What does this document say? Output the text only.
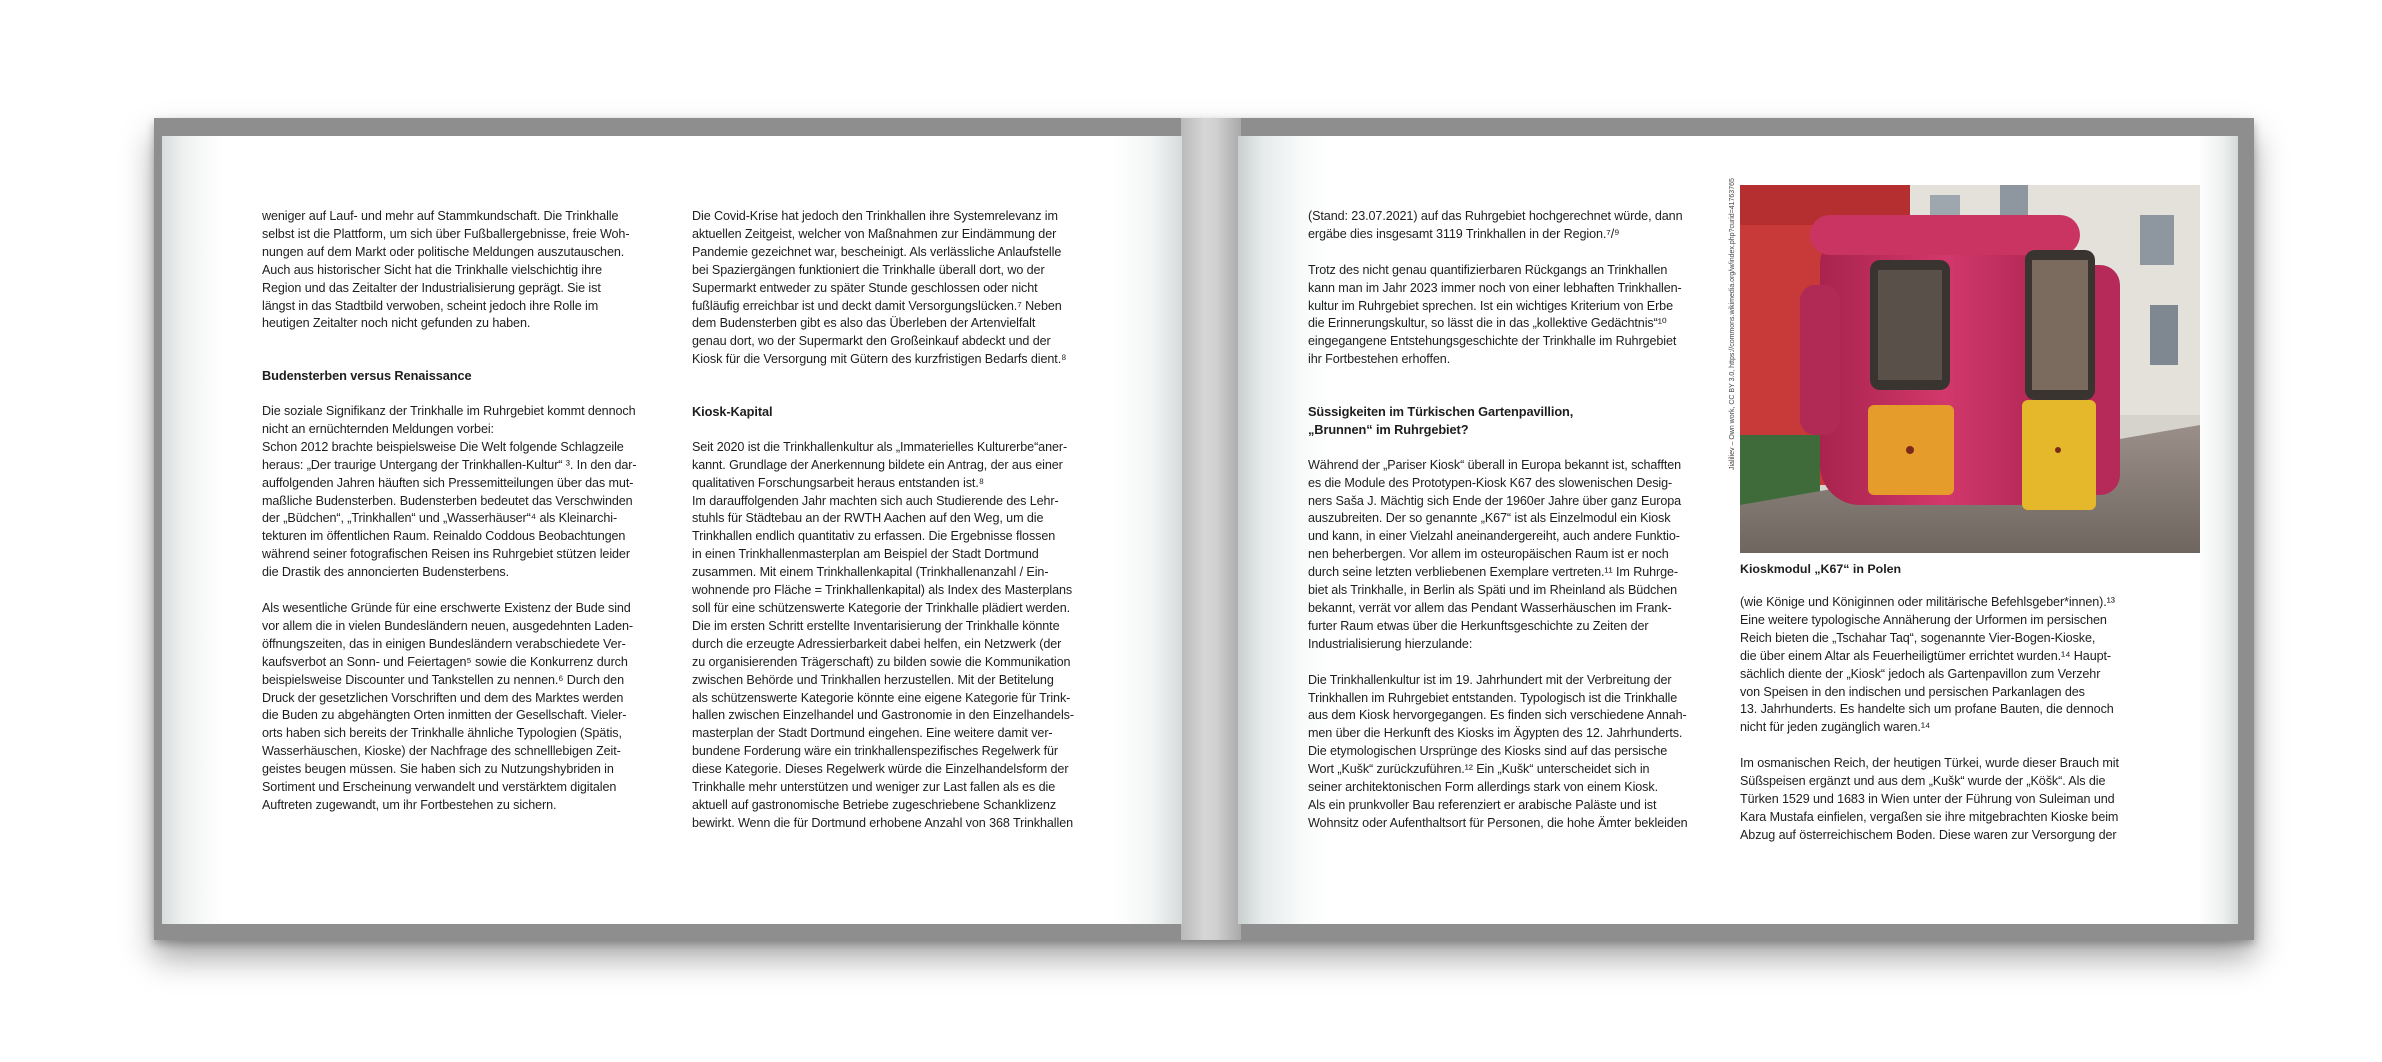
weniger auf Lauf- und mehr auf Stammkundschaft. Die Trinkhalle
selbst ist die Plattform, um sich über Fußballergebnisse, freie Woh-
nungen auf dem Markt oder politische Meldungen auszutauschen.
Auch aus historischer Sicht hat die Trinkhalle vielschichtig ihre
Region und das Zeitalter der Industrialisierung geprägt. Sie ist
längst in das Stadtbild verwoben, scheint jedoch ihre Rolle im
heutigen Zeitalter noch nicht gefunden zu haben.

Budensterben versus Renaissance

Die soziale Signifikanz der Trinkhalle im Ruhrgebiet kommt dennoch
nicht an ernüchternden Meldungen vorbei:
Schon 2012 brachte beispielsweise Die Welt folgende Schlagzeile
heraus: „Der traurige Untergang der Trinkhallen-Kultur“ ³. In den dar-
auffolgenden Jahren häuften sich Pressemitteilungen über das mut-
maßliche Budensterben. Budensterben bedeutet das Verschwinden
der „Büdchen“, „Trinkhallen“ und „Wasserhäuser“⁴ als Kleinarchi-
tekturen im öffentlichen Raum. Reinaldo Coddous Beobachtungen
während seiner fotografischen Reisen ins Ruhrgebiet stützen leider
die Drastik des annoncierten Budensterbens.

Als wesentliche Gründe für eine erschwerte Existenz der Bude sind
vor allem die in vielen Bundesländern neuen, ausgedehnten Laden-
öffnungszeiten, das in einigen Bundesländern verabschiedete Ver-
kaufsverbot an Sonn- und Feiertagen⁵ sowie die Konkurrenz durch
beispielsweise Discounter und Tankstellen zu nennen.⁶ Durch den
Druck der gesetzlichen Vorschriften und dem des Marktes werden
die Buden zu abgehängten Orten inmitten der Gesellschaft. Vieler-
orts haben sich bereits der Trinkhalle ähnliche Typologien (Spätis,
Wasserhäuschen, Kioske) der Nachfrage des schnelllebigen Zeit-
geistes beugen müssen. Sie haben sich zu Nutzungshybriden in
Sortiment und Erscheinung verwandelt und verstärktem digitalen
Auftreten zugewandt, um ihr Fortbestehen zu sichern.

Die Covid-Krise hat jedoch den Trinkhallen ihre Systemrelevanz im
aktuellen Zeitgeist, welcher von Maßnahmen zur Eindämmung der
Pandemie gezeichnet war, bescheinigt. Als verlässliche Anlaufstelle
bei Spaziergängen funktioniert die Trinkhalle überall dort, wo der
Supermarkt entweder zu später Stunde geschlossen oder nicht
fußläufig erreichbar ist und deckt damit Versorgungslücken.⁷ Neben
dem Budensterben gibt es also das Überleben der Artenvielfalt
genau dort, wo der Supermarkt den Großeinkauf abdeckt und der
Kiosk für die Versorgung mit Gütern des kurzfristigen Bedarfs dient.⁸

Kiosk-Kapital

Seit 2020 ist die Trinkhallenkultur als „Immaterielles Kulturerbe“aner-
kannt. Grundlage der Anerkennung bildete ein Antrag, der aus einer
qualitativen Forschungsarbeit heraus entstanden ist.⁸
Im darauffolgenden Jahr machten sich auch Studierende des Lehr-
stuhls für Städtebau an der RWTH Aachen auf den Weg, um die
Trinkhallen endlich quantitativ zu erfassen. Die Ergebnisse flossen
in einen Trinkhallenmasterplan am Beispiel der Stadt Dortmund
zusammen. Mit einem Trinkhallenkapital (Trinkhallenanzahl / Ein-
wohnende pro Fläche = Trinkhallenkapital) als Index des Masterplans
soll für eine schützenswerte Kategorie der Trinkhalle plädiert werden.
Die im ersten Schritt erstellte Inventarisierung der Trinkhalle könnte
durch die erzeugte Adressierbarkeit dabei helfen, ein Netzwerk (der
zu organisierenden Trägerschaft) zu bilden sowie die Kommunikation
zwischen Behörde und Trinkhallen herzustellen. Mit der Betitelung
als schützenswerte Kategorie könnte eine eigene Kategorie für Trink-
hallen zwischen Einzelhandel und Gastronomie in den Einzelhandels-
masterplan der Stadt Dortmund eingehen. Eine weitere damit ver-
bundene Forderung wäre ein trinkhallenspezifisches Regelwerk für
diese Kategorie. Dieses Regelwerk würde die Einzelhandelsform der
Trinkhalle mehr unterstützen und weniger zur Last fallen als es die
aktuell auf gastronomische Betriebe zugeschriebene Schanklizenz
bewirkt. Wenn die für Dortmund erhobene Anzahl von 368 Trinkhallen

(Stand: 23.07.2021) auf das Ruhrgebiet hochgerechnet würde, dann
ergäbe dies insgesamt 3119 Trinkhallen in der Region.⁷/⁹

Trotz des nicht genau quantifizierbaren Rückgangs an Trinkhallen
kann man im Jahr 2023 immer noch von einer lebhaften Trinkhallen-
kultur im Ruhrgebiet sprechen. Ist ein wichtiges Kriterium von Erbe
die Erinnerungskultur, so lässt die in das „kollektive Gedächtnis“¹⁰
eingegangene Entstehungsgeschichte der Trinkhalle im Ruhrgebiet
ihr Fortbestehen erhoffen.

Süssigkeiten im Türkischen Gartenpavillion,
„Brunnen“ im Ruhrgebiet?

Während der „Pariser Kiosk“ überall in Europa bekannt ist, schafften
es die Module des Prototypen-Kiosk K67 des slowenischen Desig-
ners Saša J. Mächtig sich Ende der 1960er Jahre über ganz Europa
auszubreiten. Der so genannte „K67“ ist als Einzelmodul ein Kiosk
und kann, in einer Vielzahl aneinandergereiht, auch andere Funktio-
nen beherbergen. Vor allem im osteuropäischen Raum ist er noch
durch seine letzten verbliebenen Exemplare vertreten.¹¹ Im Ruhrge-
biet als Trinkhalle, in Berlin als Späti und im Rheinland als Büdchen
bekannt, verrät vor allem das Pendant Wasserhäuschen im Frank-
furter Raum etwas über die Herkunftsgeschichte zu Zeiten der
Industrialisierung hierzulande:

Die Trinkhallenkultur ist im 19. Jahrhundert mit der Verbreitung der
Trinkhallen im Ruhrgebiet entstanden. Typologisch ist die Trinkhalle
aus dem Kiosk hervorgegangen. Es finden sich verschiedene Annah-
men über die Herkunft des Kiosks im Ägypten des 12. Jahrhunderts.
Die etymologischen Ursprünge des Kiosks sind auf das persische
Wort „Kušk“ zurückzuführen.¹² Ein „Kušk“ unterscheidet sich in
seiner architektonischen Form allerdings stark von einem Kiosk.
Als ein prunkvoller Bau referenziert er arabische Paläste und ist
Wohnsitz oder Aufenthaltsort für Personen, die hohe Ämter bekleiden

Jialiliev – Own work, CC BY 3.0, https://commons.wikimedia.org/w/index.php?curid=41763765
Kioskmodul „K67“ in Polen

(wie Könige und Königinnen oder militärische Befehlsgeber*innen).¹³
Eine weitere typologische Annäherung der Urformen im persischen
Reich bieten die „Tschahar Taq“, sogenannte Vier-Bogen-Kioske,
die über einem Altar als Feuerheiligtümer errichtet wurden.¹⁴ Haupt-
sächlich diente der „Kiosk“ jedoch als Gartenpavillon zum Verzehr
von Speisen in den indischen und persischen Parkanlagen des
13. Jahrhunderts. Es handelte sich um profane Bauten, die dennoch
nicht für jeden zugänglich waren.¹⁴

Im osmanischen Reich, der heutigen Türkei, wurde dieser Brauch mit
Süßspeisen ergänzt und aus dem „Kušk“ wurde der „Köšk“. Als die
Türken 1529 und 1683 in Wien unter der Führung von Suleiman und
Kara Mustafa einfielen, vergaßen sie ihre mitgebrachten Kioske beim
Abzug auf österreichischem Boden. Diese waren zur Versorgung der
